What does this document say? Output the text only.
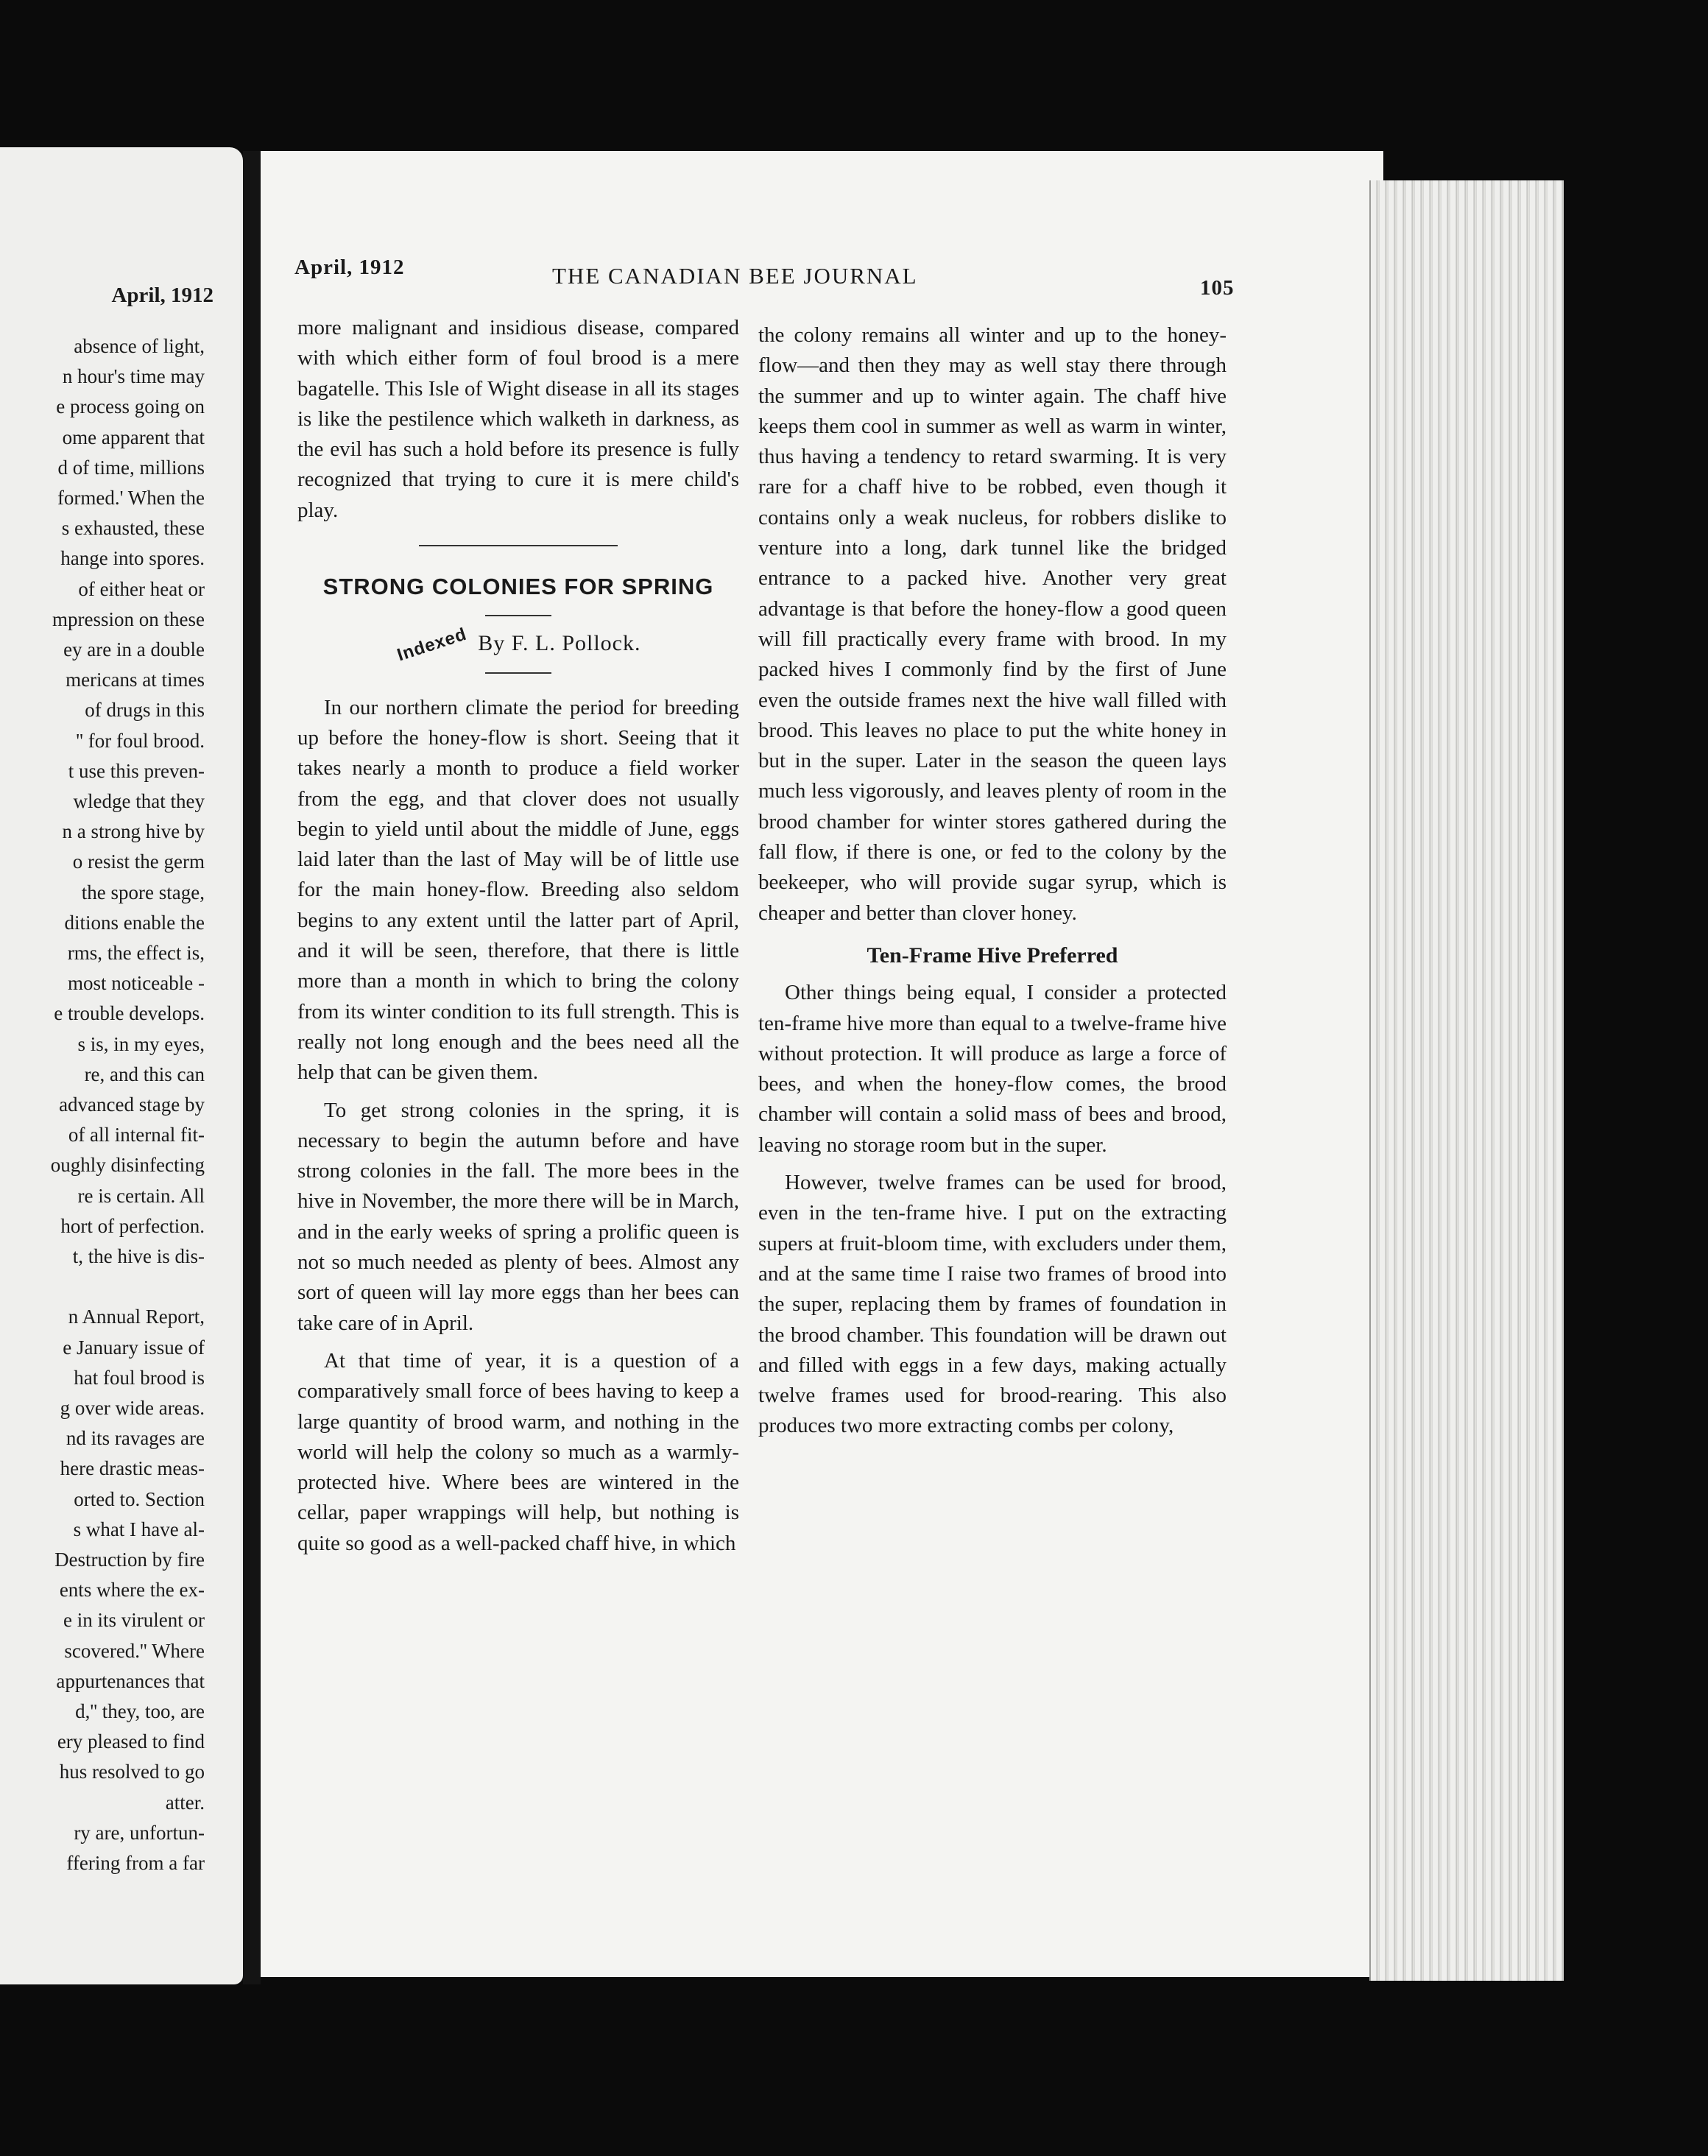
April, 1912
absence of light,
n hour's time may
e process going on
ome apparent that
d of time, millions
formed.' When the
s exhausted, these
hange into spores.
of either heat or
mpression on these
ey are in a double
mericans at times
of drugs in this
'' for foul brood.
t use this preven-
wledge that they
n a strong hive by
o resist the germ
the spore stage,
ditions enable the
rms, the effect is,
most noticeable -
e trouble develops.
s is, in my eyes,
re, and this can
advanced stage by
of all internal fit-
oughly disinfecting
re is certain. All
hort of perfection.
t, the hive is dis-
n Annual Report,
e January issue of
hat foul brood is
g over wide areas.
nd its ravages are
here drastic meas-
orted to. Section
s what I have al-
Destruction by fire
ents where the ex-
e in its virulent or
scovered.'' Where
appurtenances that
d,'' they, too, are
ery pleased to find
hus resolved to go
atter.
ry are, unfortun-
ffering from a far
April, 1912	THE CANADIAN BEE JOURNAL	105

more malignant and insidious disease, compared with which either form of foul brood is a mere bagatelle. This Isle of Wight disease in all its stages is like the pestilence which walketh in darkness, as the evil has such a hold before its presence is fully recognized that trying to cure it is mere child's play.

STRONG COLONIES FOR SPRING
Indexed By F. L. Pollock.

In our northern climate the period for breeding up before the honey-flow is short. Seeing that it takes nearly a month to produce a field worker from the egg, and that clover does not usually begin to yield until about the middle of June, eggs laid later than the last of May will be of little use for the main honey-flow. Breeding also seldom begins to any extent until the latter part of April, and it will be seen, therefore, that there is little more than a month in which to bring the colony from its winter condition to its full strength. This is really not long enough and the bees need all the help that can be given them.

To get strong colonies in the spring, it is necessary to begin the autumn before and have strong colonies in the fall. The more bees in the hive in November, the more there will be in March, and in the early weeks of spring a prolific queen is not so much needed as plenty of bees. Almost any sort of queen will lay more eggs than her bees can take care of in April.

At that time of year, it is a question of a comparatively small force of bees having to keep a large quantity of brood warm, and nothing in the world will help the colony so much as a warmly-protected hive. Where bees are wintered in the cellar, paper wrappings will help, but nothing is quite so good as a well-packed chaff hive, in which

the colony remains all winter and up to the honey-flow—and then they may as well stay there through the summer and up to winter again. The chaff hive keeps them cool in summer as well as warm in winter, thus having a tendency to retard swarming. It is very rare for a chaff hive to be robbed, even though it contains only a weak nucleus, for robbers dislike to venture into a long, dark tunnel like the bridged entrance to a packed hive. Another very great advantage is that before the honey-flow a good queen will fill practically every frame with brood. In my packed hives I commonly find by the first of June even the outside frames next the hive wall filled with brood. This leaves no place to put the white honey in but in the super. Later in the season the queen lays much less vigorously, and leaves plenty of room in the brood chamber for winter stores gathered during the fall flow, if there is one, or fed to the colony by the beekeeper, who will provide sugar syrup, which is cheaper and better than clover honey.

Ten-Frame Hive Preferred

Other things being equal, I consider a protected ten-frame hive more than equal to a twelve-frame hive without protection. It will produce as large a force of bees, and when the honey-flow comes, the brood chamber will contain a solid mass of bees and brood, leaving no storage room but in the super.

However, twelve frames can be used for brood, even in the ten-frame hive. I put on the extracting supers at fruit-bloom time, with excluders under them, and at the same time I raise two frames of brood into the super, replacing them by frames of foundation in the brood chamber. This foundation will be drawn out and filled with eggs in a few days, making actually twelve frames used for brood-rearing. This also produces two more extracting combs per colony,
